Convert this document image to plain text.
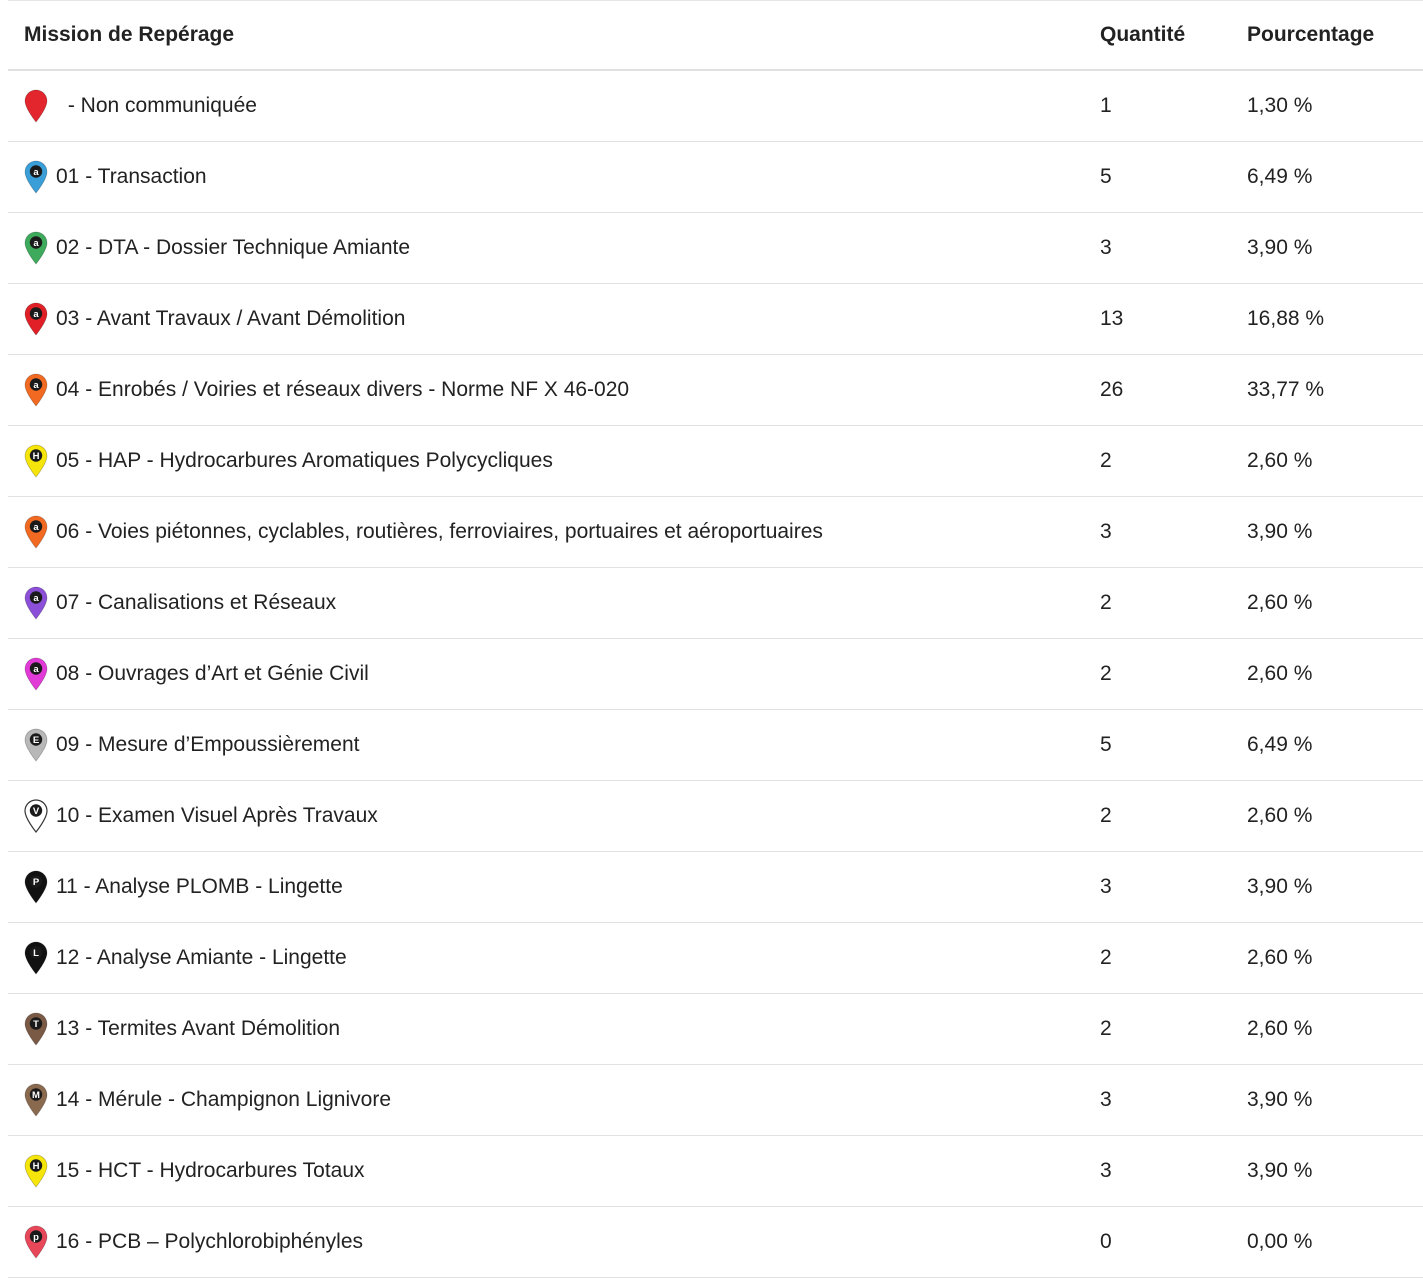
Mission de Repérage	Quantité	Pourcentage
- Non communiquée	1	1,30 %
a 01 - Transaction	5	6,49 %
a 02 - DTA - Dossier Technique Amiante	3	3,90 %
a 03 - Avant Travaux / Avant Démolition	13	16,88 %
a 04 - Enrobés / Voiries et réseaux divers - Norme NF X 46-020	26	33,77 %
H 05 - HAP - Hydrocarbures Aromatiques Polycycliques	2	2,60 %
a 06 - Voies piétonnes, cyclables, routières, ferroviaires, portuaires et aéroportuaires	3	3,90 %
a 07 - Canalisations et Réseaux	2	2,60 %
a 08 - Ouvrages d’Art et Génie Civil	2	2,60 %
E 09 - Mesure d’Empoussièrement	5	6,49 %
V 10 - Examen Visuel Après Travaux	2	2,60 %
P 11 - Analyse PLOMB - Lingette	3	3,90 %
L 12 - Analyse Amiante - Lingette	2	2,60 %
T 13 - Termites Avant Démolition	2	2,60 %
M 14 - Mérule - Champignon Lignivore	3	3,90 %
H 15 - HCT - Hydrocarbures Totaux	3	3,90 %
p 16 - PCB – Polychlorobiphényles	0	0,00 %
